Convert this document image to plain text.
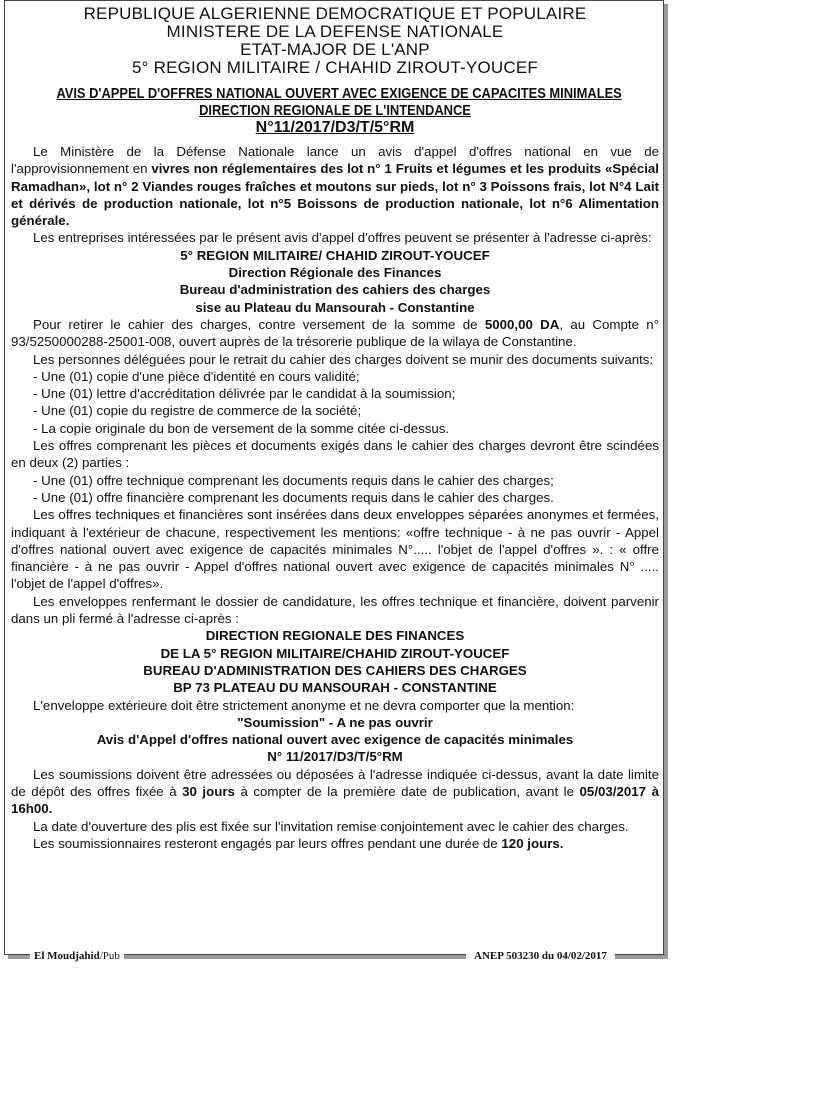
REPUBLIQUE ALGERIENNE DEMOCRATIQUE ET POPULAIRE
MINISTERE DE LA DEFENSE NATIONALE
ETAT-MAJOR DE L'ANP
5° REGION MILITAIRE / CHAHID ZIROUT-YOUCEF
AVIS D'APPEL D'OFFRES NATIONAL OUVERT AVEC EXIGENCE DE CAPACITES MINIMALES
DIRECTION REGIONALE DE L'INTENDANCE
N°11/2017/D3/T/5°RM

Le Ministère de la Défense Nationale lance un avis d'appel d'offres national en vue de l'approvisionnement en vivres non réglementaires des lot n° 1 Fruits et légumes et les produits «Spécial Ramadhan», lot n° 2 Viandes rouges fraîches et moutons sur pieds, lot n° 3 Poissons frais, lot N°4 Lait et dérivés de production nationale, lot n°5 Boissons de production nationale, lot n°6 Alimentation générale.

Les entreprises intéressées par le présent avis d'appel d'offres peuvent se présenter à l'adresse ci-après:

5° REGION MILITAIRE/ CHAHID ZIROUT-YOUCEF
Direction Régionale des Finances
Bureau d'administration des cahiers des charges
sise au Plateau du Mansourah - Constantine

Pour retirer le cahier des charges, contre versement de la somme de 5000,00 DA, au Compte n° 93/5250000288-25001-008, ouvert auprès de la trésorerie publique de la wilaya de Constantine.

Les personnes déléguées pour le retrait du cahier des charges doivent se munir des documents suivants:

- Une (01) copie d'une pièce d'identité en cours validité;
- Une (01) lettre d'accréditation délivrée par le candidat à la soumission;
- Une (01) copie du registre de commerce de la société;
- La copie originale du bon de versement de la somme citée ci-dessus.

Les offres comprenant les pièces et documents exigés dans le cahier des charges devront être scindées en deux (2) parties :

- Une (01) offre technique comprenant les documents requis dans le cahier des charges;
- Une (01) offre financière comprenant les documents requis dans le cahier des charges.

Les offres techniques et financières sont insérées dans deux enveloppes séparées anonymes et fermées, indiquant à l'extérieur de chacune, respectivement les mentions: «offre technique - à ne pas ouvrir - Appel d'offres national ouvert avec exigence de capacités minimales N°..... l'objet de l'appel d'offres ». : « offre financière - à ne pas ouvrir - Appel d'offres national ouvert avec exigence de capacités minimales N° ..... l'objet de l'appel d'offres».

Les enveloppes renfermant le dossier de candidature, les offres technique et financière, doivent parvenir dans un pli fermé à l'adresse ci-après :

DIRECTION REGIONALE DES FINANCES
DE LA 5° REGION MILITAIRE/CHAHID ZIROUT-YOUCEF
BUREAU D'ADMINISTRATION DES CAHIERS DES CHARGES
BP 73 PLATEAU DU MANSOURAH - CONSTANTINE

L'enveloppe extérieure doit être strictement anonyme et ne devra comporter que la mention:

"Soumission" - A ne pas ouvrir
Avis d'Appel d'offres national ouvert avec exigence de capacités minimales
N° 11/2017/D3/T/5°RM

Les soumissions doivent être adressées ou déposées à l'adresse indiquée ci-dessus, avant la date limite de dépôt des offres fixée à 30 jours à compter de la première date de publication, avant le 05/03/2017 à 16h00.

La date d'ouverture des plis est fixée sur l'invitation remise conjointement avec le cahier des charges.

Les soumissionnaires resteront engagés par leurs offres pendant une durée de 120 jours.

El Moudjahid/Pub	ANEP 503230 du 04/02/2017
